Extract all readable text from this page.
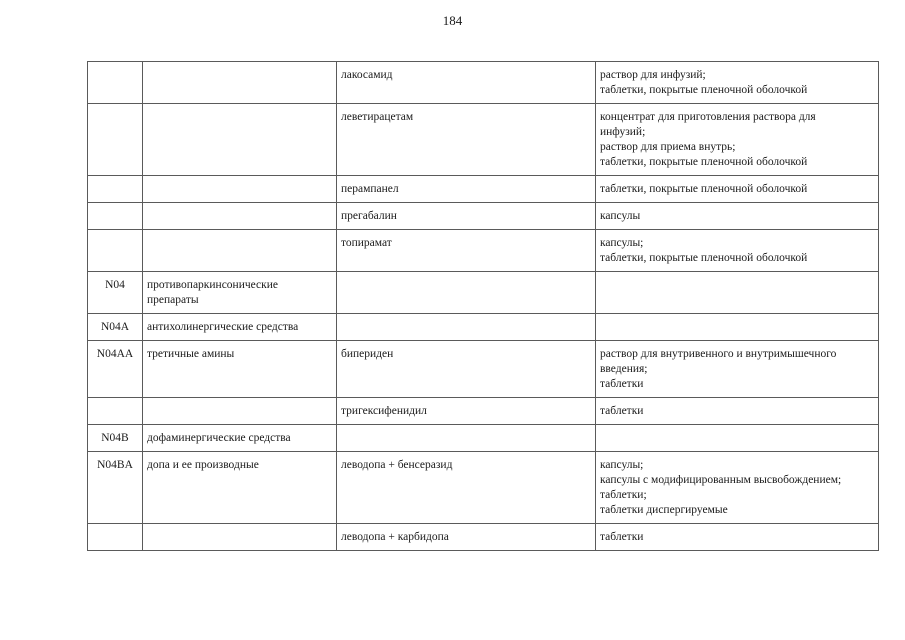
184
		лакосамид	раствор для инфузий;
таблетки, покрытые пленочной оболочкой

		леветирацетам	концентрат для приготовления раствора для
инфузий;
раствор для приема внутрь;
таблетки, покрытые пленочной оболочкой

		перампанел	таблетки, покрытые пленочной оболочкой

		прегабалин	капсулы

		топирамат	капсулы;
таблетки, покрытые пленочной оболочкой

N04	противопаркинсонические
препараты		

N04A	антихолинергические средства		
N04AA	третичные амины	бипериден	раствор для внутривенного и внутримышечного
введения;
таблетки

		тригексифенидил	таблетки

N04B	дофаминергические средства		
N04BA	допа и ее производные	леводопа + бенсеразид	капсулы;
капсулы с модифицированным высвобождением;
таблетки;
таблетки диспергируемые

		леводопа + карбидопа	таблетки
